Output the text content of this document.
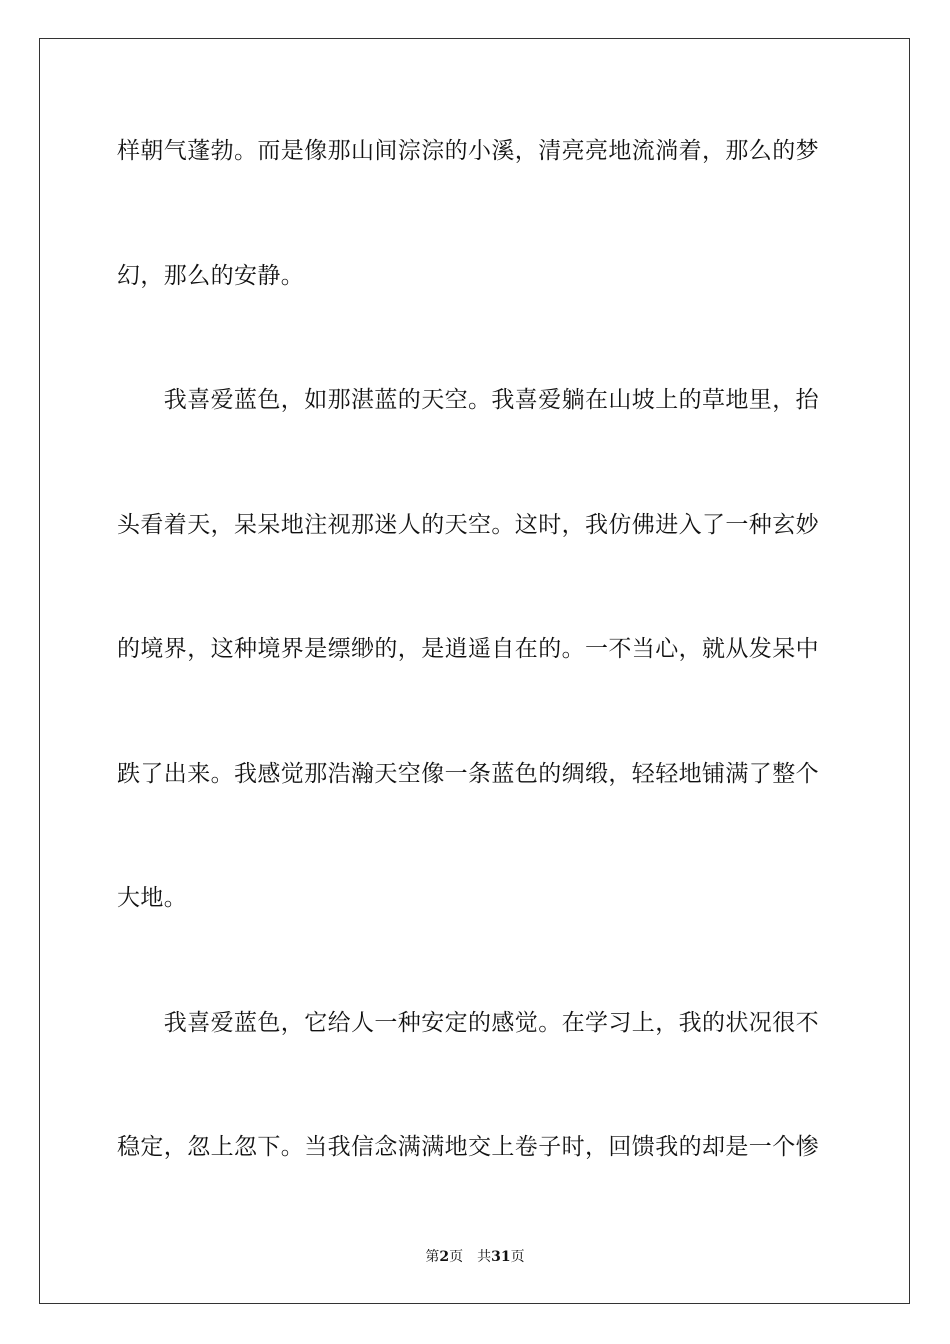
样朝气蓬勃。而是像那山间淙淙的小溪，清亮亮地流淌着，那么的梦
幻，那么的安静。
　　我喜爱蓝色，如那湛蓝的天空。我喜爱躺在山坡上的草地里，抬
头看着天，呆呆地注视那迷人的天空。这时，我仿佛进入了一种玄妙
的境界，这种境界是缥缈的，是逍遥自在的。一不当心，就从发呆中
跌了出来。我感觉那浩瀚天空像一条蓝色的绸缎，轻轻地铺满了整个
大地。
　　我喜爱蓝色，它给人一种安定的感觉。在学习上，我的状况很不
稳定，忽上忽下。当我信念满满地交上卷子时，回馈我的却是一个惨
第2页 共31页
